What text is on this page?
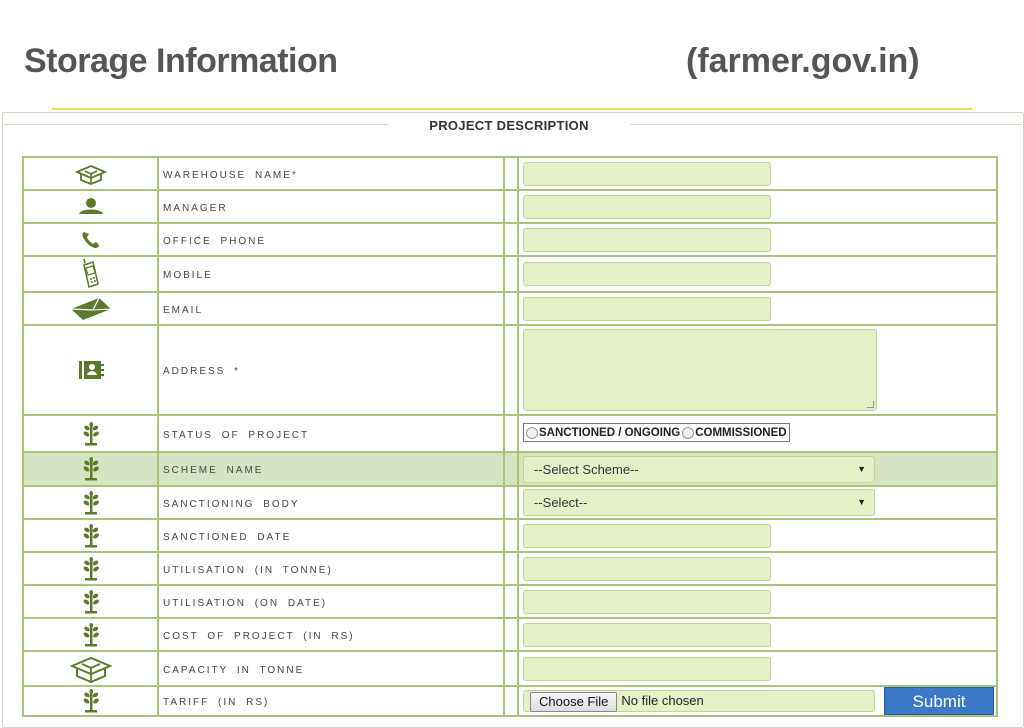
Storage Information	(farmer.gov.in)
PROJECT DESCRIPTION
	WAREHOUSE NAME*		

	MANAGER		

	OFFICE PHONE		

	MOBILE		

	EMAIL		

	ADDRESS *		

	STATUS OF PROJECT		SANCTIONED / ONGOING COMMISSIONED

	SCHEME NAME		--Select Scheme-- ▼

	SANCTIONING BODY		--Select-- ▼

	SANCTIONED DATE		

	UTILISATION (IN TONNE)		

	UTILISATION (ON DATE)		

	COST OF PROJECT (IN RS)		

	CAPACITY IN TONNE		

	TARIFF (IN RS)		Choose File No file chosen	Submit
